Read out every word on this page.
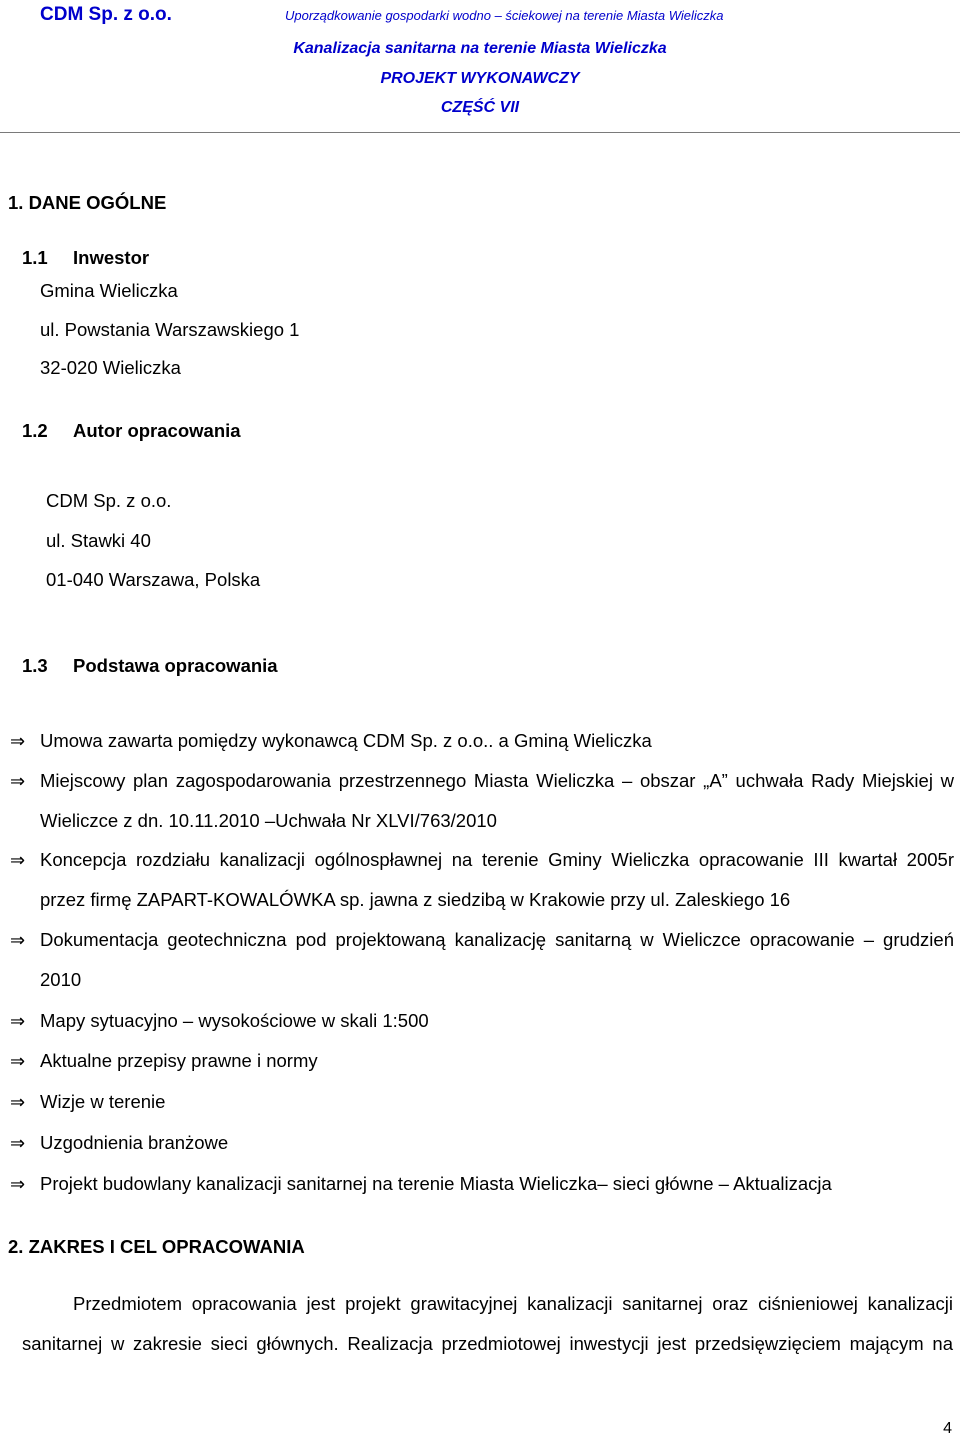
CDM Sp. z o.o.	Uporządkowanie gospodarki wodno – ściekowej na terenie Miasta Wieliczka
Kanalizacja sanitarna na terenie Miasta Wieliczka
PROJEKT WYKONAWCZY
CZĘŚĆ VII
1. DANE OGÓLNE
1.1 Inwestor
Gmina Wieliczka
ul. Powstania Warszawskiego 1
32-020 Wieliczka
1.2 Autor opracowania
CDM Sp. z o.o.
ul. Stawki 40
01-040 Warszawa, Polska
1.3 Podstawa opracowania
⇒ Umowa zawarta pomiędzy wykonawcą CDM Sp. z o.o.. a Gminą Wieliczka
⇒ Miejscowy plan zagospodarowania przestrzennego Miasta Wieliczka – obszar „A” uchwała Rady Miejskiej w
Wieliczce z dn. 10.11.2010 –Uchwała Nr XLVI/763/2010
⇒ Koncepcja rozdziału kanalizacji ogólnospławnej na terenie Gminy Wieliczka opracowanie III kwartał 2005r
przez firmę ZAPART-KOWALÓWKA sp. jawna z siedzibą w Krakowie przy ul. Zaleskiego 16
⇒ Dokumentacja geotechniczna pod projektowaną kanalizację sanitarną w Wieliczce opracowanie – grudzień
2010
⇒ Mapy sytuacyjno – wysokościowe w skali 1:500
⇒ Aktualne przepisy prawne i normy
⇒ Wizje w terenie
⇒ Uzgodnienia branżowe
⇒ Projekt budowlany kanalizacji sanitarnej na terenie Miasta Wieliczka– sieci główne – Aktualizacja
2. ZAKRES I CEL OPRACOWANIA
Przedmiotem opracowania jest projekt grawitacyjnej kanalizacji sanitarnej oraz ciśnieniowej kanalizacji
sanitarnej w zakresie sieci głównych. Realizacja przedmiotowej inwestycji jest przedsięwzięciem mającym na
4
